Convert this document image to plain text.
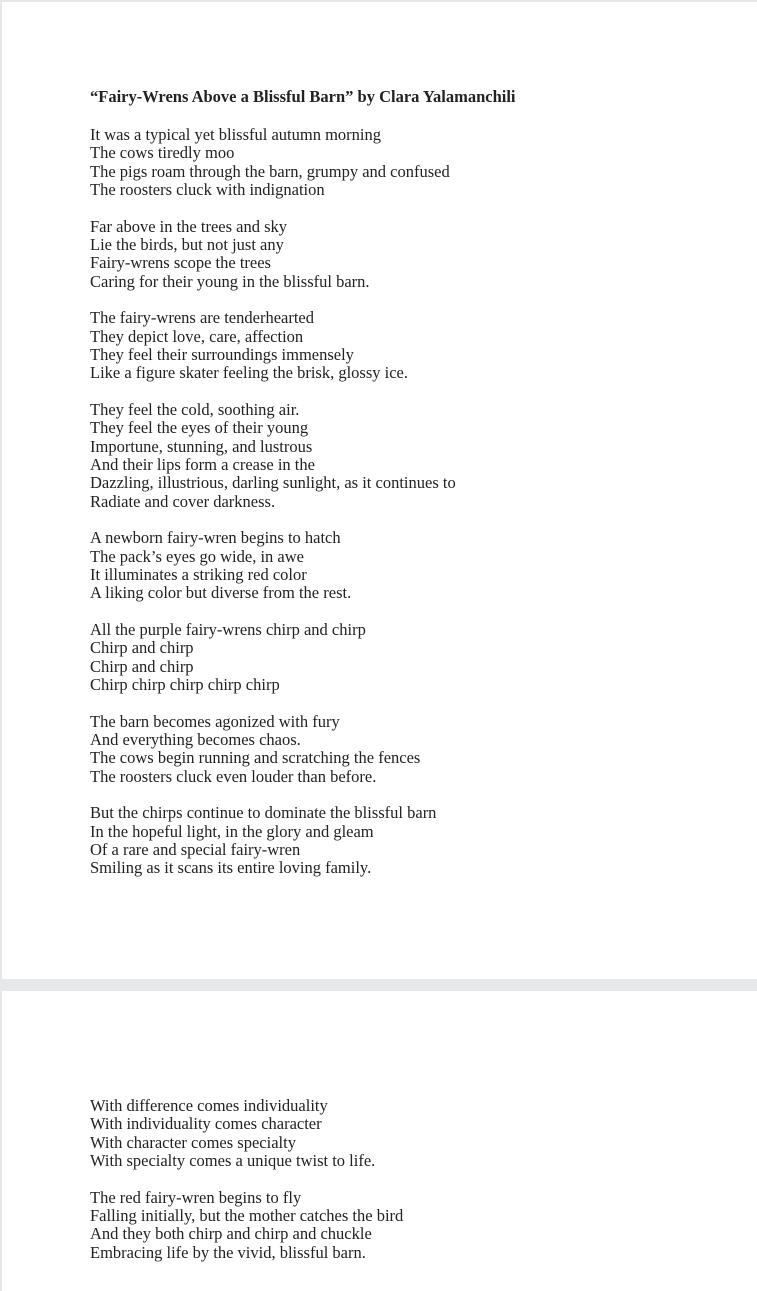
“Fairy-Wrens Above a Blissful Barn” by Clara Yalamanchili
It was a typical yet blissful autumn morning
The cows tiredly moo
The pigs roam through the barn, grumpy and confused
The roosters cluck with indignation
Far above in the trees and sky
Lie the birds, but not just any
Fairy-wrens scope the trees
Caring for their young in the blissful barn.
The fairy-wrens are tenderhearted
They depict love, care, affection
They feel their surroundings immensely
Like a figure skater feeling the brisk, glossy ice.
They feel the cold, soothing air.
They feel the eyes of their young
Importune, stunning, and lustrous
And their lips form a crease in the
Dazzling, illustrious, darling sunlight, as it continues to
Radiate and cover darkness.
A newborn fairy-wren begins to hatch
The pack’s eyes go wide, in awe
It illuminates a striking red color
A liking color but diverse from the rest.
All the purple fairy-wrens chirp and chirp
Chirp and chirp
Chirp and chirp
Chirp chirp chirp chirp chirp
The barn becomes agonized with fury
And everything becomes chaos.
The cows begin running and scratching the fences
The roosters cluck even louder than before.
But the chirps continue to dominate the blissful barn
In the hopeful light, in the glory and gleam
Of a rare and special fairy-wren
Smiling as it scans its entire loving family.
With difference comes individuality
With individuality comes character
With character comes specialty
With specialty comes a unique twist to life.
The red fairy-wren begins to fly
Falling initially, but the mother catches the bird
And they both chirp and chirp and chuckle
Embracing life by the vivid, blissful barn.
